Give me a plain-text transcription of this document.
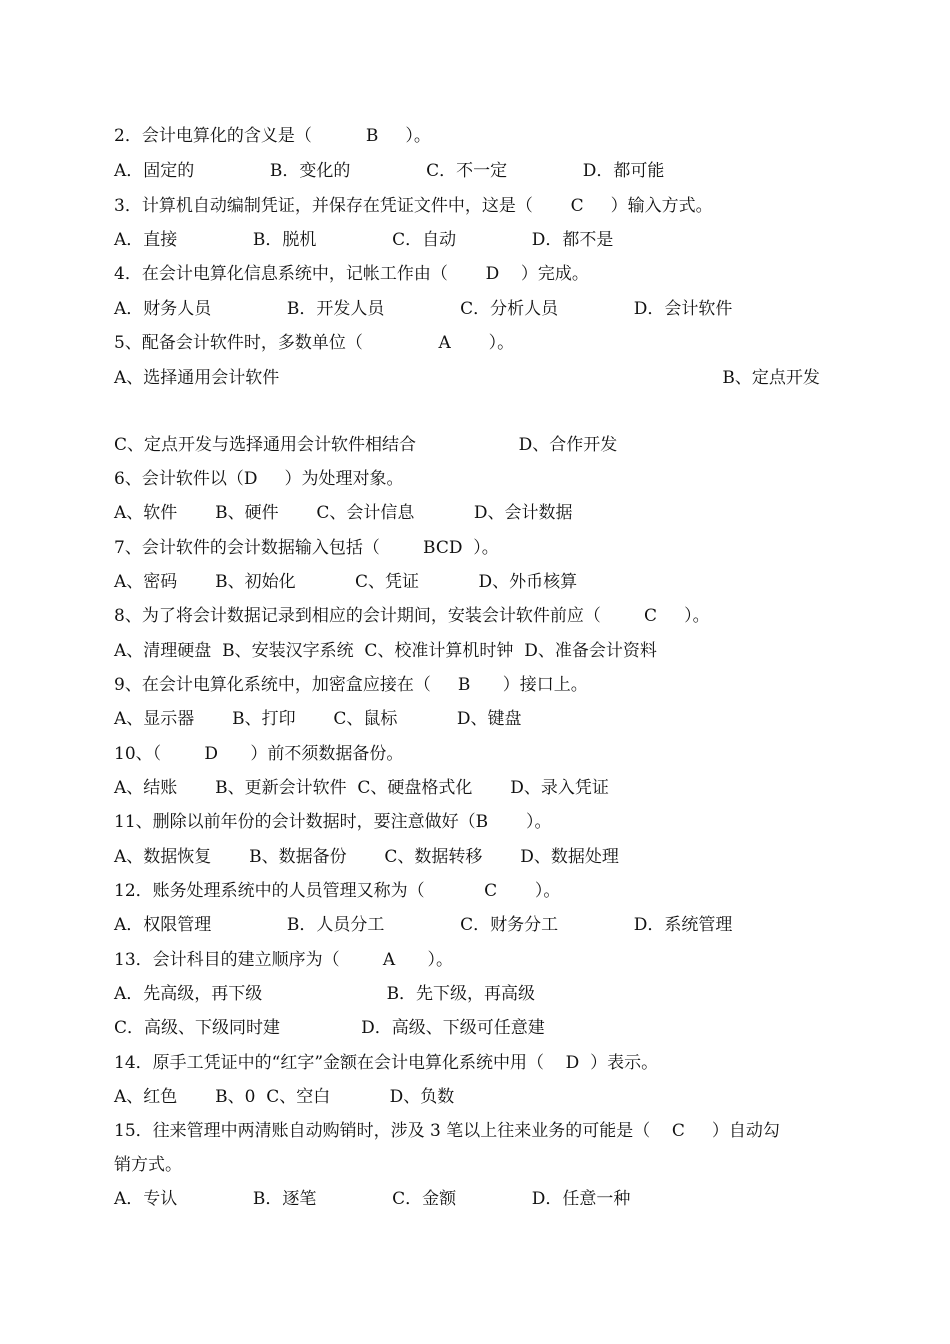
2．会计电算化的含义是（          B     ）。

A．固定的              B．变化的              C．不一定              D．都可能

3．计算机自动编制凭证，并保存在凭证文件中，这是（       C     ）输入方式。

A．直接              B．脱机              C．自动              D．都不是

4．在会计电算化信息系统中，记帐工作由（       D    ）完成。

A．财务人员              B．开发人员              C．分析人员              D．会计软件

5、配备会计软件时，多数单位（              A       ）。

A、选择通用会计软件                                                                                  B、定点开发

C、定点开发与选择通用会计软件相结合                   D、合作开发

6、会计软件以（D     ）为处理对象。

A、软件       B、硬件       C、会计信息           D、会计数据

7、会计软件的会计数据输入包括（        BCD  ）。

A、密码       B、初始化           C、凭证           D、外币核算

8、为了将会计数据记录到相应的会计期间，安装会计软件前应（        C     ）。

A、清理硬盘  B、安装汉字系统  C、校准计算机时钟  D、准备会计资料

9、在会计电算化系统中，加密盒应接在（     B      ）接口上。

A、显示器       B、打印       C、鼠标           D、键盘

10、（        D      ）前不须数据备份。

A、结账       B、更新会计软件  C、硬盘格式化       D、录入凭证

11、删除以前年份的会计数据时，要注意做好（B       ）。

A、数据恢复       B、数据备份       C、数据转移       D、数据处理

12．账务处理系统中的人员管理又称为（           C       ）。

A．权限管理              B．人员分工              C．财务分工              D．系统管理

13．会计科目的建立顺序为（        A      ）。

A．先高级，再下级                       B．先下级，再高级

C．高级、下级同时建               D．高级、下级可任意建

14．原手工凭证中的“红字”金额在会计电算化系统中用（    D  ）表示。

A、红色       B、0  C、空白           D、负数

15．往来管理中两清账自动购销时，涉及 3 笔以上往来业务的可能是（    C     ）自动勾

销方式。

A．专认              B．逐笔              C．金额              D．任意一种
